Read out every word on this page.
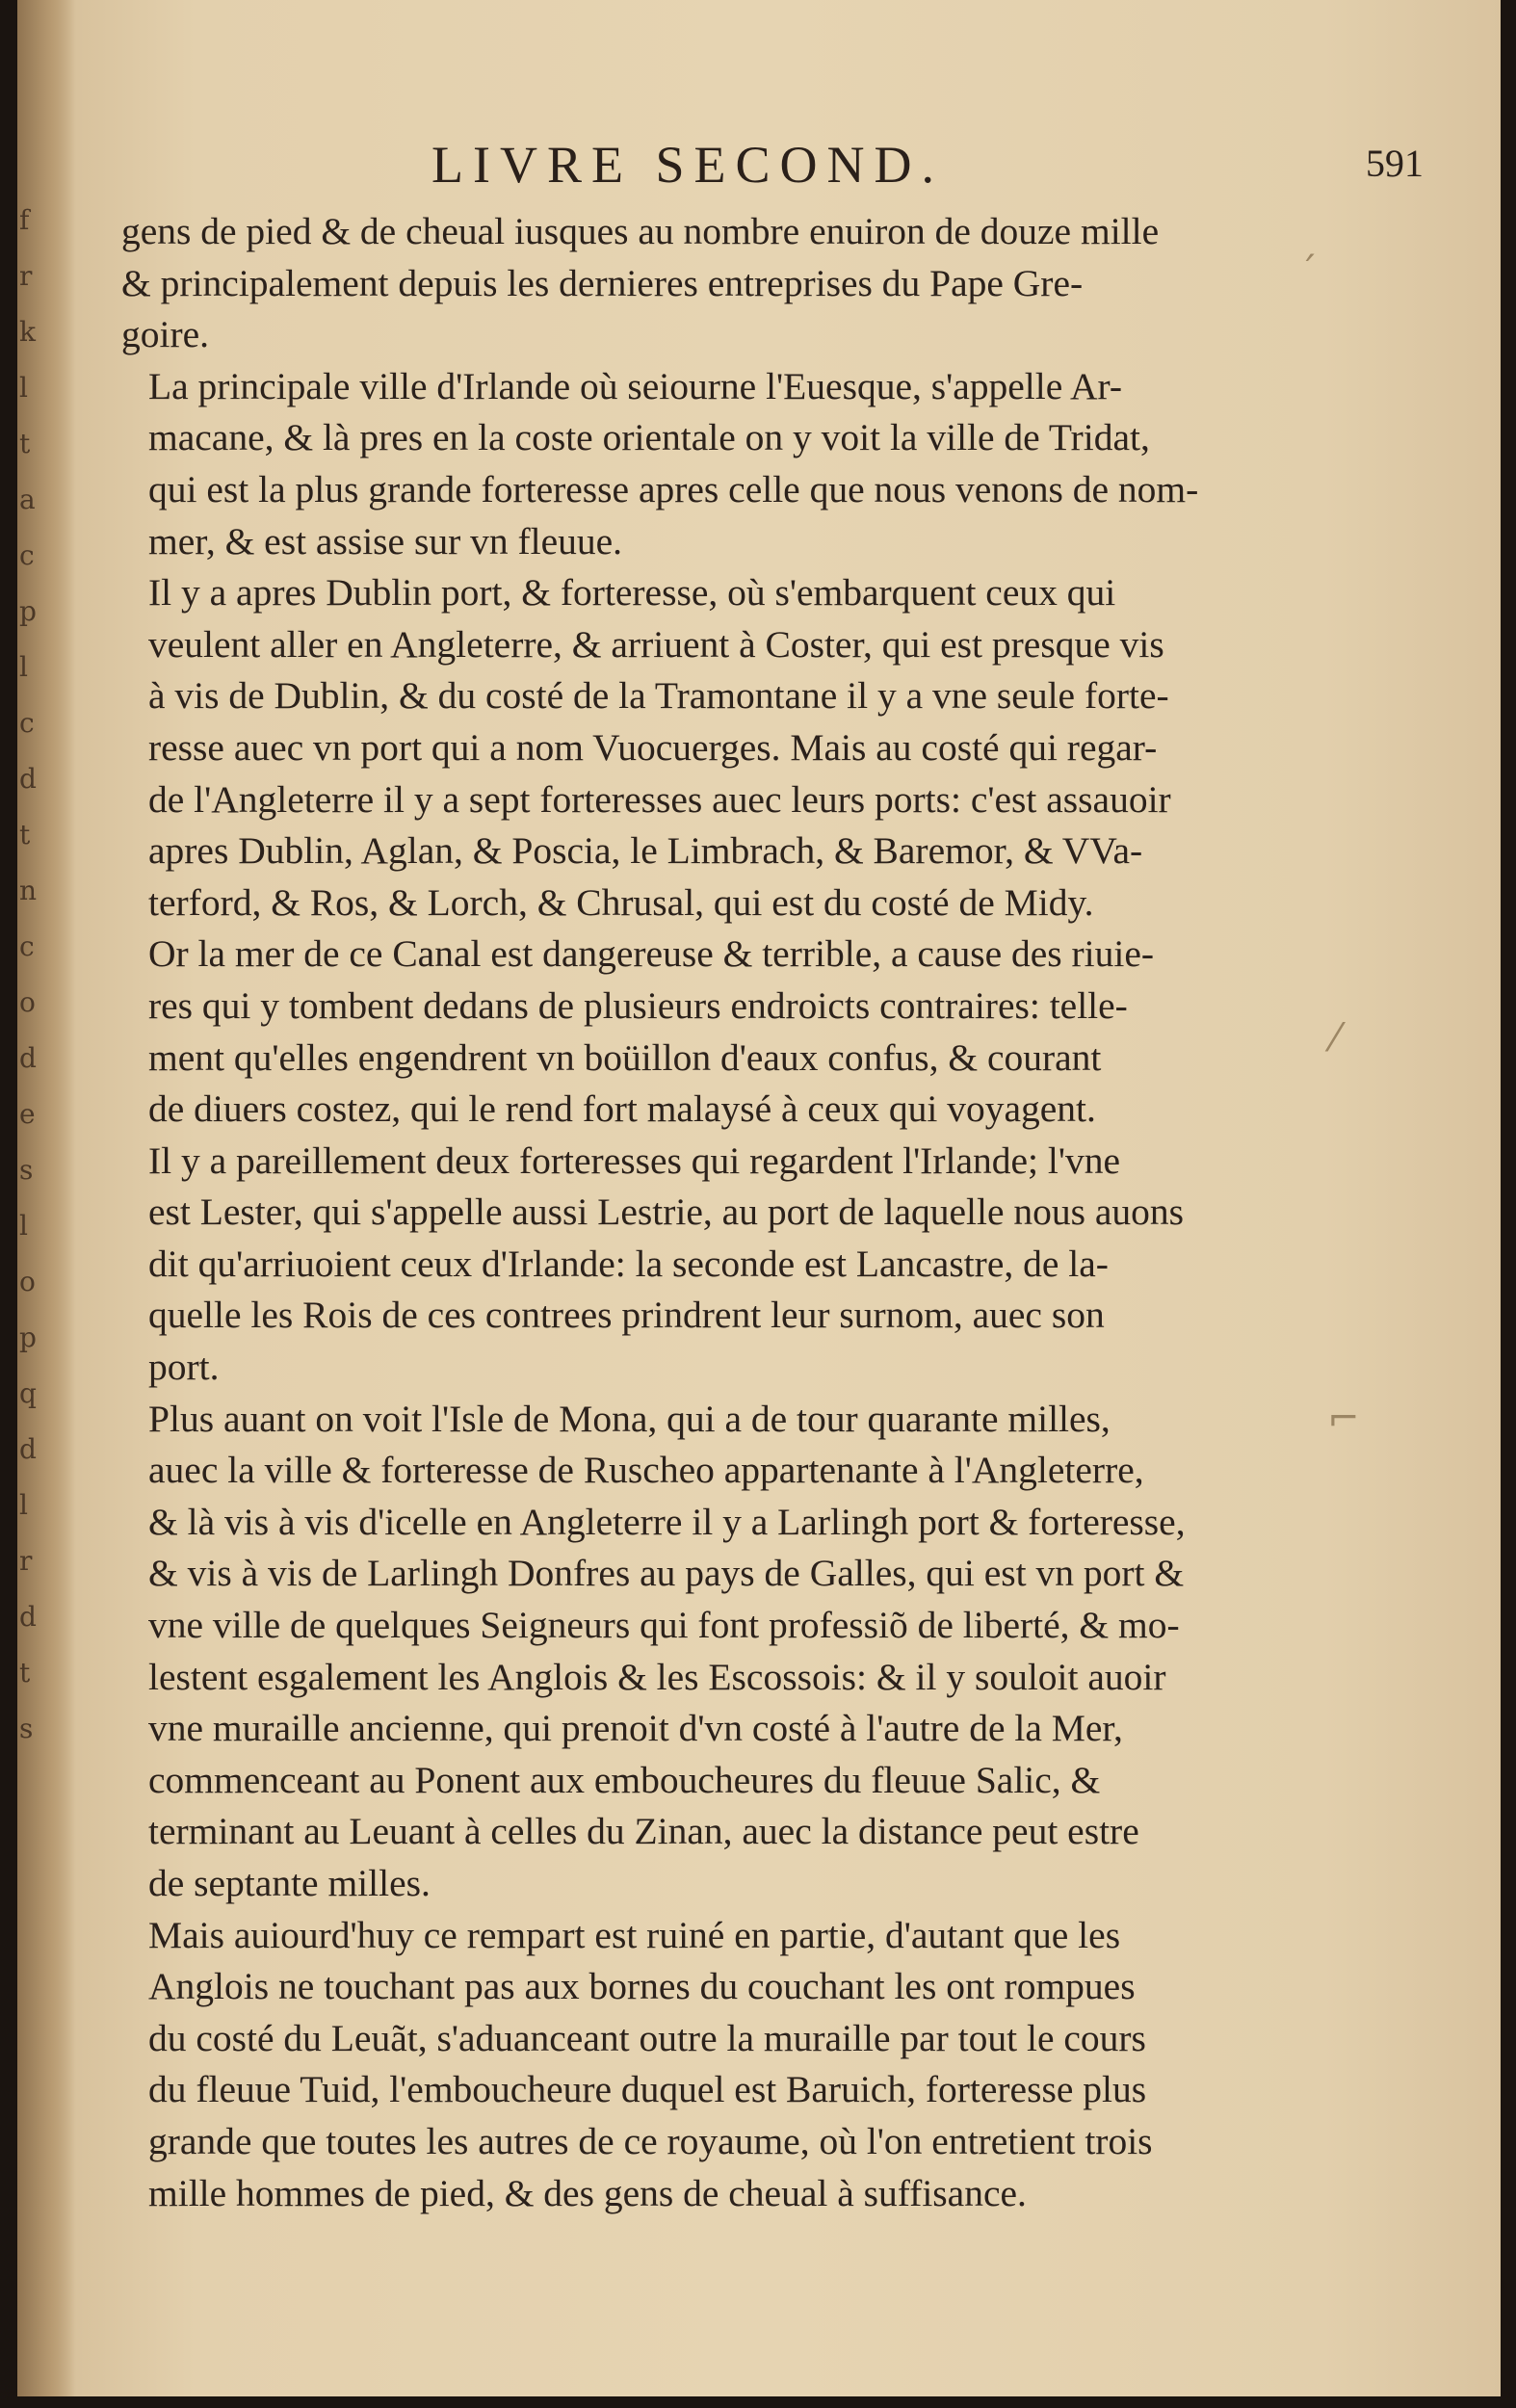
f
r
k
l
t
a
c
p
l
c
d
t
n
c
o
d
e
s
l
o
p
q
d
l
r
d
t
s
LIVRE SECOND.	591

gens de pied & de cheual iusques au nombre enuiron de douze mille
& principalement depuis les dernieres entreprises du Pape Gre-
goire.

La principale ville d'Irlande où seiourne l'Euesque, s'appelle Ar-
macane, & là pres en la coste orientale on y voit la ville de Tridat,
qui est la plus grande forteresse apres celle que nous venons de nom-
mer, & est assise sur vn fleuue.

Il y a apres Dublin port, & forteresse, où s'embarquent ceux qui
veulent aller en Angleterre, & arriuent à Coster, qui est presque vis
à vis de Dublin, & du costé de la Tramontane il y a vne seule forte-
resse auec vn port qui a nom Vuocuerges. Mais au costé qui regar-
de l'Angleterre il y a sept forteresses auec leurs ports: c'est assauoir
apres Dublin, Aglan, & Poscia, le Limbrach, & Baremor, & VVa-
terford, & Ros, & Lorch, & Chrusal, qui est du costé de Midy.

Or la mer de ce Canal est dangereuse & terrible, a cause des riuie-
res qui y tombent dedans de plusieurs endroicts contraires: telle-
ment qu'elles engendrent vn boüillon d'eaux confus, & courant
de diuers costez, qui le rend fort malaysé à ceux qui voyagent.

Il y a pareillement deux forteresses qui regardent l'Irlande; l'vne
est Lester, qui s'appelle aussi Lestrie, au port de laquelle nous auons
dit qu'arriuoient ceux d'Irlande: la seconde est Lancastre, de la-
quelle les Rois de ces contrees prindrent leur surnom, auec son
port.

Plus auant on voit l'Isle de Mona, qui a de tour quarante milles,
auec la ville & forteresse de Ruscheo appartenante à l'Angleterre,
& là vis à vis d'icelle en Angleterre il y a Larlingh port & forteresse,
& vis à vis de Larlingh Donfres au pays de Galles, qui est vn port &
vne ville de quelques Seigneurs qui font professiõ de liberté, & mo-
lestent esgalement les Anglois & les Escossois: & il y souloit auoir
vne muraille ancienne, qui prenoit d'vn costé à l'autre de la Mer,
commenceant au Ponent aux emboucheures du fleuue Salic, &
terminant au Leuant à celles du Zinan, auec la distance peut estre
de septante milles.

Mais auiourd'huy ce rempart est ruiné en partie, d'autant que les
Anglois ne touchant pas aux bornes du couchant les ont rompues
du costé du Leuãt, s'aduanceant outre la muraille par tout le cours
du fleuue Tuid, l'emboucheure duquel est Baruich, forteresse plus
grande que toutes les autres de ce royaume, où l'on entretient trois
mille hommes de pied, & des gens de cheual à suffisance.

´
⁄
⌐
